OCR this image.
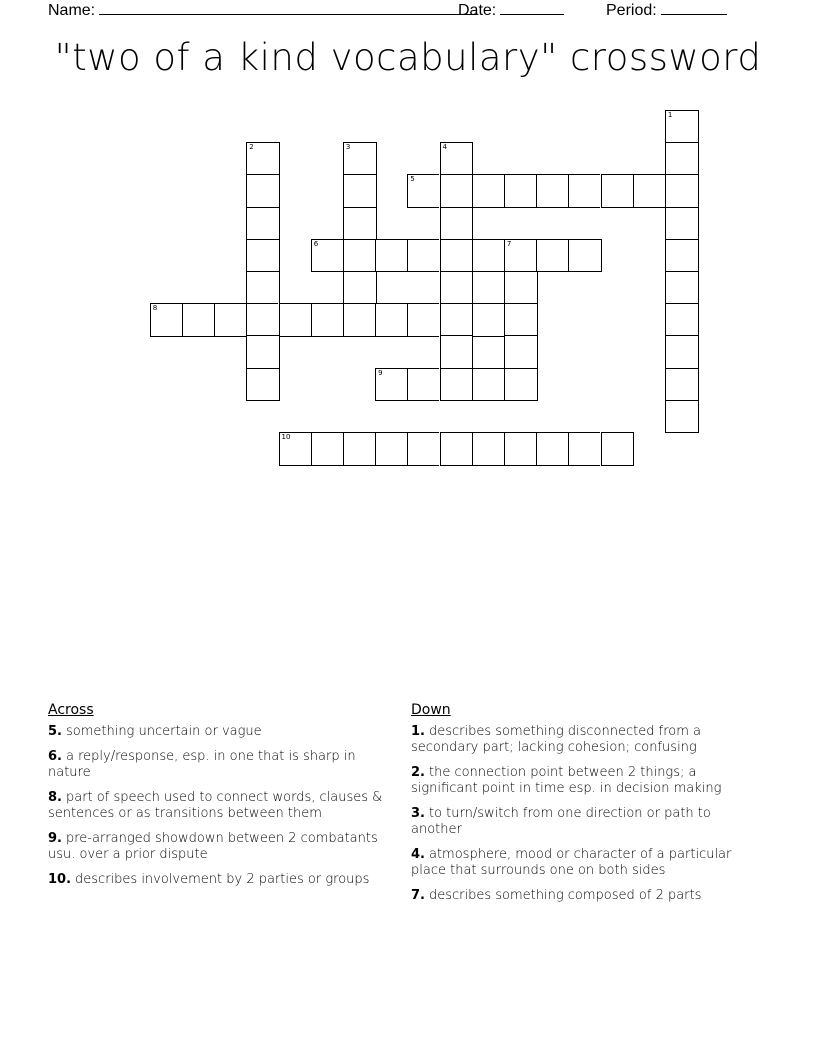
Name:	Date:	Period:
"two of a kind vocabulary" crossword
1
2	3	4
5
6	7
8
9
10
Across
5. something uncertain or vague
6. a reply/response, esp. in one that is sharp in nature
8. part of speech used to connect words, clauses & sentences or as transitions between them
9. pre-arranged showdown between 2 combatants usu. over a prior dispute
10. describes involvement by 2 parties or groups
Down
1. describes something disconnected from a secondary part; lacking cohesion; confusing
2. the connection point between 2 things; a significant point in time esp. in decision making
3. to turn/switch from one direction or path to another
4. atmosphere, mood or character of a particular place that surrounds one on both sides
7. describes something composed of 2 parts
